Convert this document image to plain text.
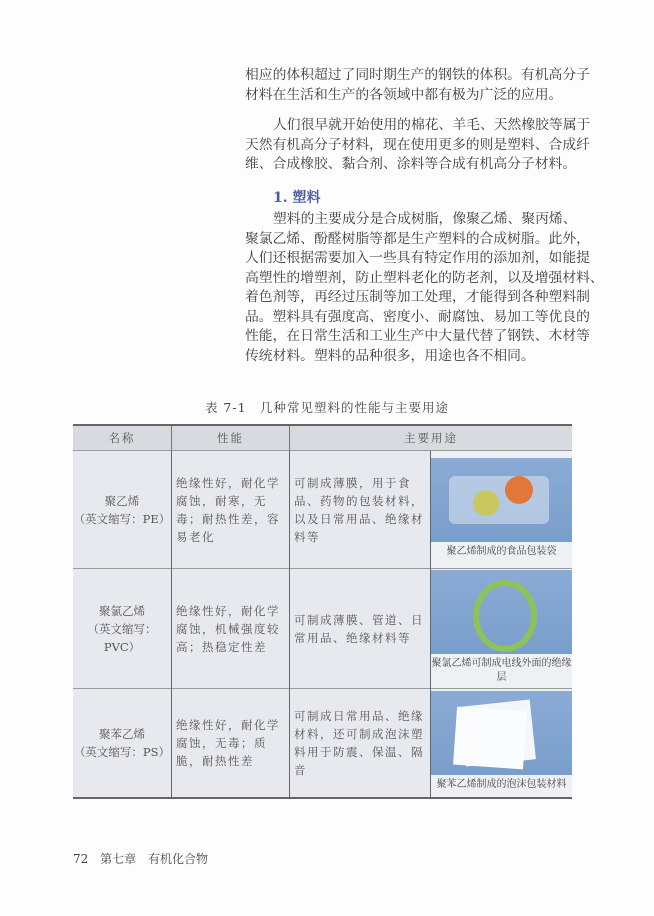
相应的体积超过了同时期生产的钢铁的体积。有机高分子
材料在生活和生产的各领域中都有极为广泛的应用。
人们很早就开始使用的棉花、羊毛、天然橡胶等属于
天然有机高分子材料，现在使用更多的则是塑料、合成纤
维、合成橡胶、黏合剂、涂料等合成有机高分子材料。
1. 塑料
塑料的主要成分是合成树脂，像聚乙烯、聚丙烯、
聚氯乙烯、酚醛树脂等都是生产塑料的合成树脂。此外，
人们还根据需要加入一些具有特定作用的添加剂，如能提
高塑性的增塑剂，防止塑料老化的防老剂，以及增强材料、
着色剂等，再经过压制等加工处理，才能得到各种塑料制
品。塑料具有强度高、密度小、耐腐蚀、易加工等优良的
性能，在日常生活和工业生产中大量代替了钢铁、木材等
传统材料。塑料的品种很多，用途也各不相同。
表 7-1　几种常见塑料的性能与主要用途
名称	性能	主要用途	

聚乙烯
（英文缩写：PE）	绝缘性好，耐化学腐蚀，耐寒，无毒；耐热性差，容易老化	可制成薄膜，用于食品、药物的包装材料，以及日常用品、绝缘材料等	聚乙烯制成的食品包装袋

聚氯乙烯
（英文缩写：PVC）	绝缘性好，耐化学腐蚀，机械强度较高；热稳定性差	可制成薄膜、管道、日常用品、绝缘材料等	聚氯乙烯可制成电线外面的绝缘层

聚苯乙烯
（英文缩写：PS）	绝缘性好，耐化学腐蚀，无毒；质脆，耐热性差	可制成日常用品、绝缘材料，还可制成泡沫塑料用于防震、保温、隔音	聚苯乙烯制成的泡沫包装材料
72 第七章 有机化合物
